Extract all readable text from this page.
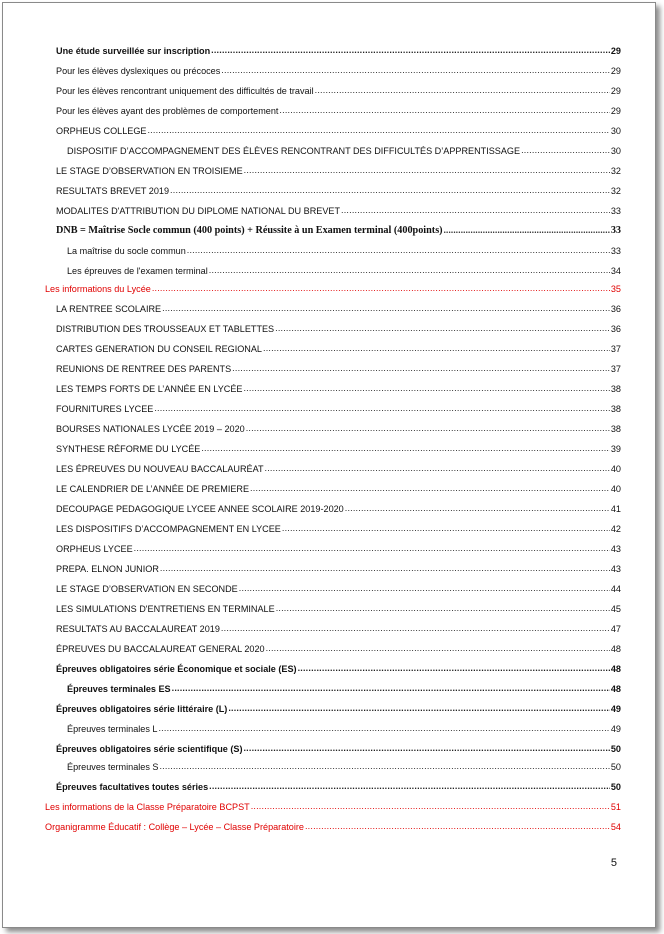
Une étude surveillée sur inscription .....	29
Pour les élèves dyslexiques ou précoces .....	29
Pour les élèves rencontrant uniquement des difficultés de travail .....	29
Pour les élèves ayant des problèmes de comportement .....	29
ORPHEUS COLLEGE .....	30
DISPOSITIF D’ACCOMPAGNEMENT DES ÉLÈVES RENCONTRANT DES DIFFICULTÉS D’APPRENTISSAGE .....	30
LE STAGE D’OBSERVATION EN TROISIEME .....	32
RESULTATS BREVET 2019 .....	32
MODALITES D'ATTRIBUTION DU DIPLOME NATIONAL DU BREVET .....	33
DNB = Maîtrise Socle commun (400 points) + Réussite à un Examen terminal (400points) .....	33
La maîtrise du socle commun .....	33
Les épreuves de l'examen terminal .....	34
Les informations du Lycée .....	35
LA RENTREE SCOLAIRE .....	36
DISTRIBUTION DES TROUSSEAUX ET TABLETTES .....	36
CARTES GENERATION DU CONSEIL REGIONAL .....	37
REUNIONS DE RENTREE DES PARENTS .....	37
LES TEMPS FORTS DE L’ANNÉE EN LYCÉE .....	38
FOURNITURES LYCEE .....	38
BOURSES NATIONALES LYCÉE 2019 – 2020 .....	38
SYNTHESE RÉFORME DU LYCÉE .....	39
LES ÉPREUVES DU NOUVEAU BACCALAURÉAT .....	40
LE CALENDRIER DE L’ANNÉE DE PREMIERE .....	40
DECOUPAGE PEDAGOGIQUE LYCEE ANNEE SCOLAIRE 2019-2020 .....	41
LES DISPOSITIFS D’ACCOMPAGNEMENT EN LYCEE .....	42
ORPHEUS LYCEE .....	43
PREPA. ELNON JUNIOR .....	43
LE STAGE D’OBSERVATION EN SECONDE .....	44
LES SIMULATIONS D'ENTRETIENS EN TERMINALE .....	45
RESULTATS AU BACCALAUREAT 2019 .....	47
ÉPREUVES DU BACCALAUREAT GENERAL 2020 .....	48
Épreuves obligatoires série Économique et sociale (ES) .....	48
Épreuves terminales ES .....	48
Épreuves obligatoires série littéraire (L) .....	49
Épreuves terminales L .....	49
Épreuves obligatoires série scientifique (S) .....	50
Épreuves terminales S .....	50
Épreuves facultatives toutes séries .....	50
Les informations de la Classe Préparatoire BCPST .....	51
Organigramme Éducatif : Collège – Lycée – Classe Préparatoire .....	54
5
